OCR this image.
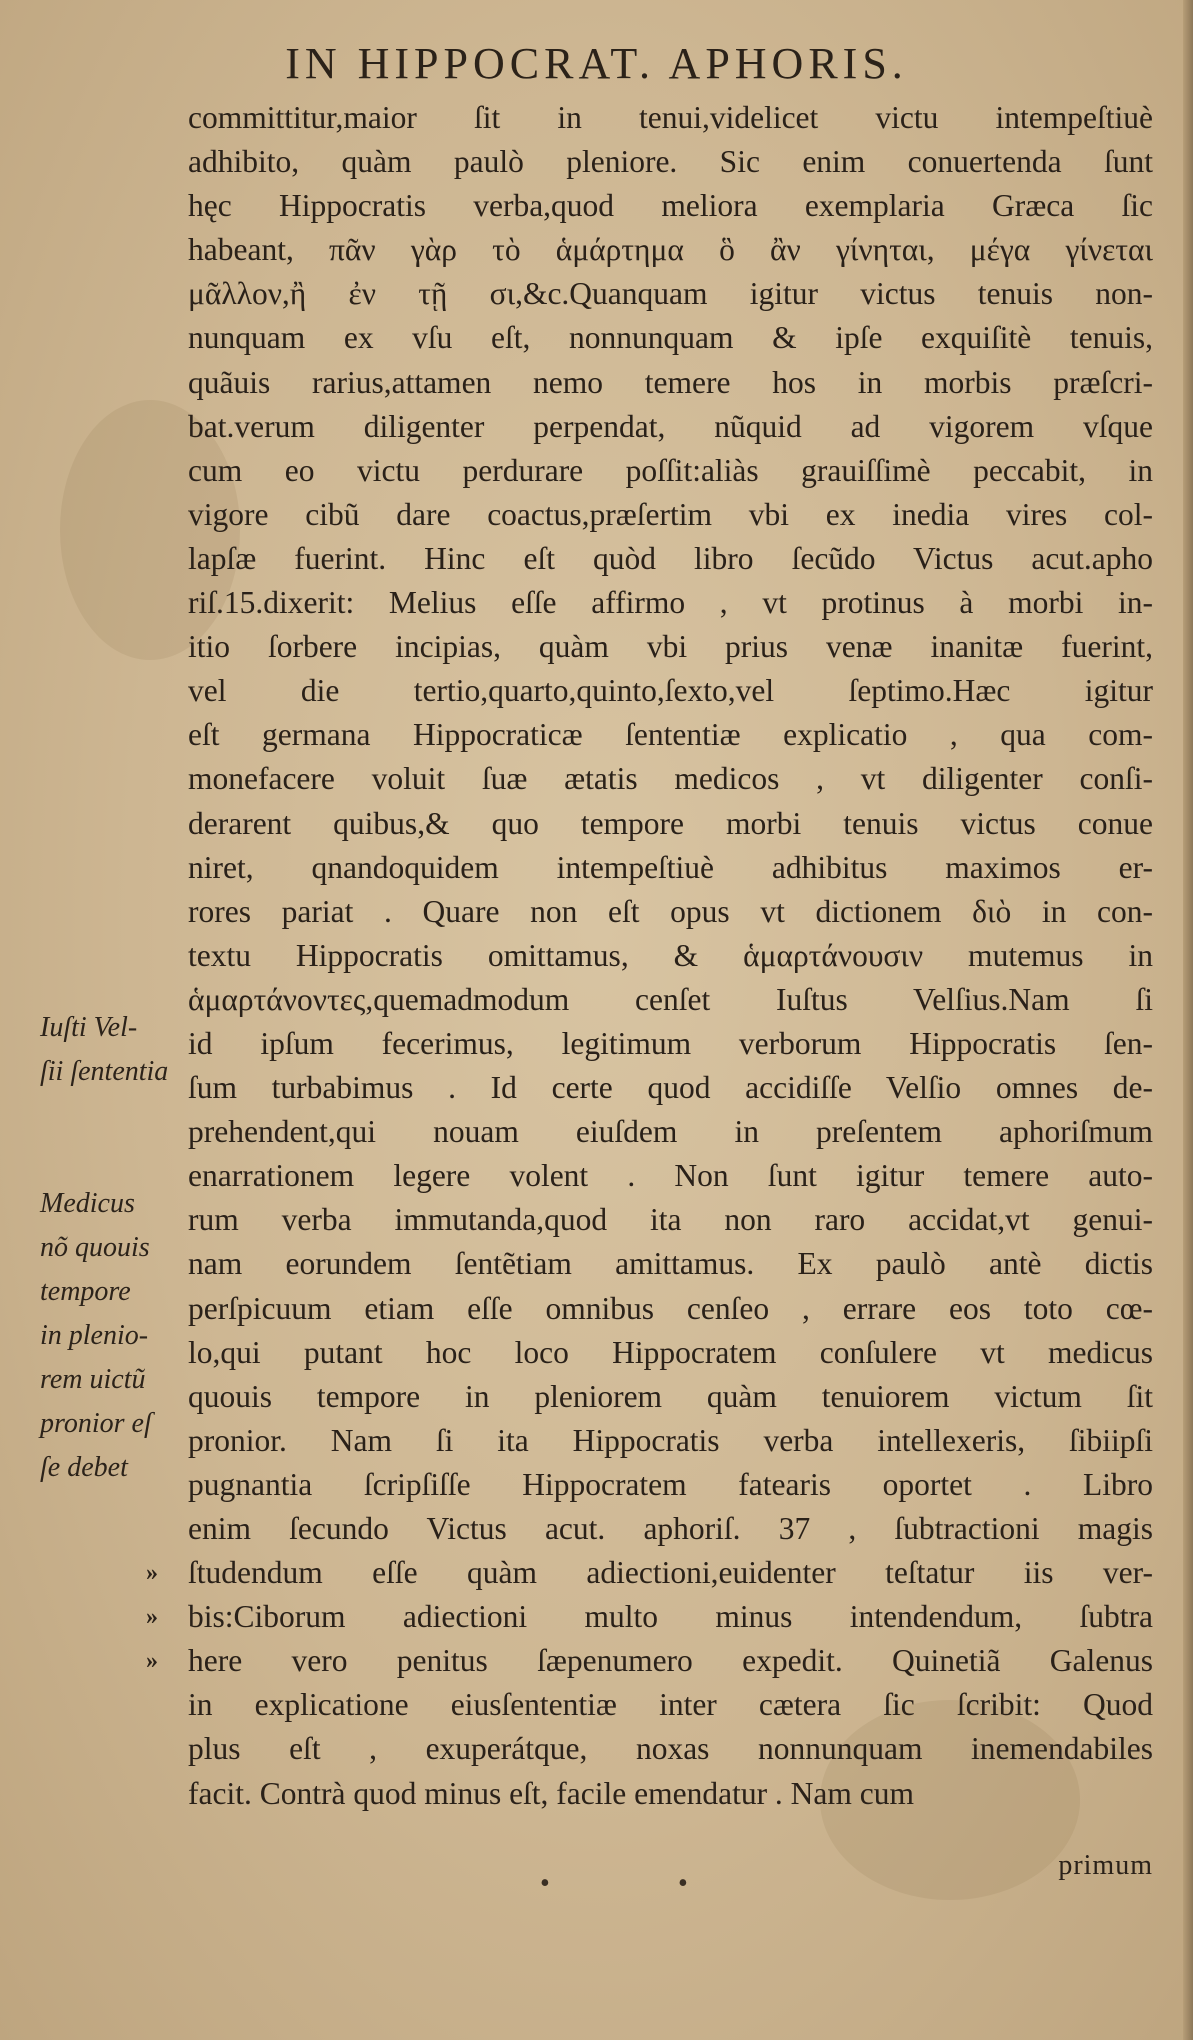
IN HIPPOCRAT. APHORIS.
committitur,maior ſit in tenui,videlicet victu intempeſtiuè
adhibito, quàm paulò pleniore. Sic enim conuertenda ſunt
hęc Hippocratis verba,quod meliora exemplaria Græca ſic
habeant, πᾶν γὰρ τὸ ἁμάρτημα ὃ ἂν γίνηται, μέγα γίνεται
μᾶλλον,ἢ ἐν τῇ σι,&c.Quanquam igitur victus tenuis non-
nunquam ex vſu eſt, nonnunquam & ipſe exquiſitè tenuis,
quãuis rarius,attamen nemo temere hos in morbis præſcri-
bat.verum diligenter perpendat, nũquid ad vigorem vſque
cum eo victu perdurare poſſit:aliàs grauiſſimè peccabit, in
vigore cibũ dare coactus,præſertim vbi ex inedia vires col-
lapſæ fuerint. Hinc eſt quòd libro ſecũdo Victus acut.apho
riſ.15.dixerit: Melius eſſe affirmo , vt protinus à morbi in-
itio ſorbere incipias, quàm vbi prius venæ inanitæ fuerint,
vel die tertio,quarto,quinto,ſexto,vel ſeptimo.Hæc igitur
eſt germana Hippocraticæ ſententiæ explicatio , qua com-
monefacere voluit ſuæ ætatis medicos , vt diligenter conſi-
derarent quibus,& quo tempore morbi tenuis victus conue
niret, qnandoquidem intempeſtiuè adhibitus maximos er-
rores pariat . Quare non eſt opus vt dictionem διὸ in con-
textu Hippocratis omittamus, & ἁμαρτάνουσιν mutemus in
ἁμαρτάνοντες,quemadmodum cenſet Iuſtus Velſius.Nam ſi
id ipſum fecerimus, legitimum verborum Hippocratis ſen-
ſum turbabimus . Id certe quod accidiſſe Velſio omnes de-
prehendent,qui nouam eiuſdem in preſentem aphoriſmum
enarrationem legere volent . Non ſunt igitur temere auto-
rum verba immutanda,quod ita non raro accidat,vt genui-
nam eorundem ſentẽtiam amittamus. Ex paulò antè dictis
perſpicuum etiam eſſe omnibus cenſeo , errare eos toto cœ-
lo,qui putant hoc loco Hippocratem conſulere vt medicus
quouis tempore in pleniorem quàm tenuiorem victum ſit
pronior. Nam ſi ita Hippocratis verba intellexeris, ſibiipſi
pugnantia ſcripſiſſe Hippocratem fatearis oportet . Libro
enim ſecundo Victus acut. aphoriſ. 37 , ſubtractioni magis
» ſtudendum eſſe quàm adiectioni,euidenter teſtatur iis ver-
» bis:Ciborum adiectioni multo minus intendendum, ſubtra
» here vero penitus ſæpenumero expedit. Quinetiã Galenus
in explicatione eiusſententiæ inter cætera ſic ſcribit: Quod
plus eſt , exuperátque, noxas nonnunquam inemendabiles
facit. Contrà quod minus eſt, facile emendatur . Nam cum
Iuſti Vel‑
ſii ſententia
Medicus
nõ quouis
tempore
in plenio‑
rem uictũ
pronior eſ
ſe debet
•	•
primum
